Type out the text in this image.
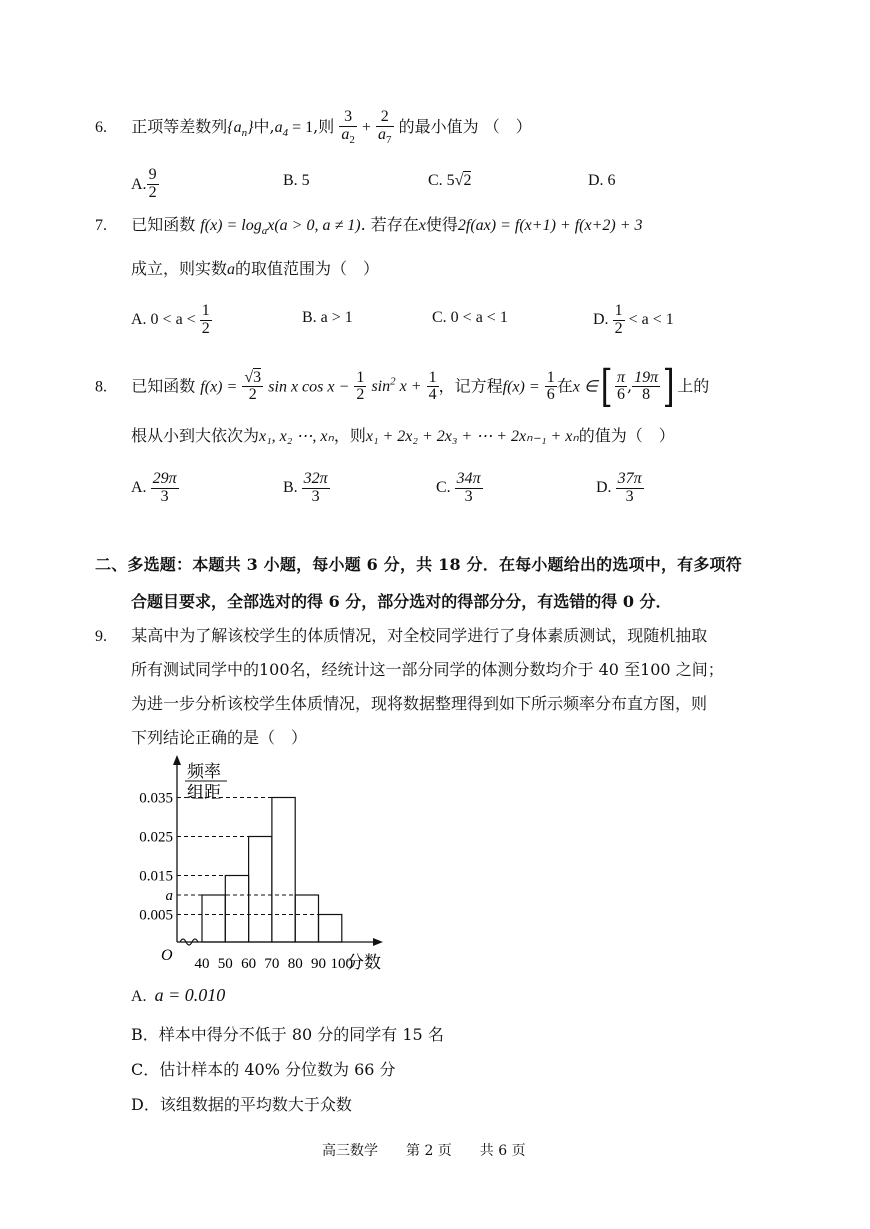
6. 正项等差数列$\{a_n\}$中$,a_4 = 1$,则 $\frac{3}{a_2} + \frac{2}{a_7}$ 的最小值为 （　）
A. $\frac{9}{2}$	B. 5	C. 5√2	D. 6
7. 已知函数 $f(x) = \log_ax(a > 0$, a ≠ 1). 若存在x使得2f(ax) = f(x+1) + f(x+2) + 3
成立，则实数a的取值范围为（　）
A. $0 < a < \frac{1}{2}$	B. a > 1	C. 0 < a < 1	D. $\frac{1}{2} < a < 1$
8. 已知函数 $f(x) = \frac{√3}{2}$ sin x $\cos x - \frac{1}{2} \sin^2 x + \frac{1}{4}$ ，记方程$f(x) = \frac{1}{6}$ 在x ∈[ $\frac{\pi}{6}$ , $\frac{19\pi}{8}$ ] 上的
根从小到大依次为x₁, x₂ ⋯, xₙ，则x₁ + 2x₂ + 2x₃ + ⋯ + 2xₙ₋₁ + xₙ的值为（　）
A. $\frac{29\pi}{3}$	B. $\frac{32\pi}{3}$	C. $\frac{34\pi}{3}$	D. $\frac{37\pi}{3}$
二、多选题：本题共 3 小题，每小题 6 分，共 18 分．在每小题给出的选项中，有多项符
合题目要求，全部选对的得 6 分，部分选对的得部分分，有选错的得 0 分．
9. 某高中为了解该校学生的体质情况，对全校同学进行了身体素质测试，现随机抽取
所有测试同学中的100名，经统计这一部分同学的体测分数均介于 40 至100 之间；
为进一步分析该校学生体质情况，现将数据整理得到如下所示频率分布直方图，则
下列结论正确的是（　）
频率
组距
O	分数
0.035
0.025
0.015
a
0.005
40 50 60 70 80 90 100
A. a = 0.010
B．样本中得分不低于 80 分的同学有 15 名
C．估计样本的 40% 分位数为 66 分
D．该组数据的平均数大于众数
高三数学　　第 2 页　　共 6 页
